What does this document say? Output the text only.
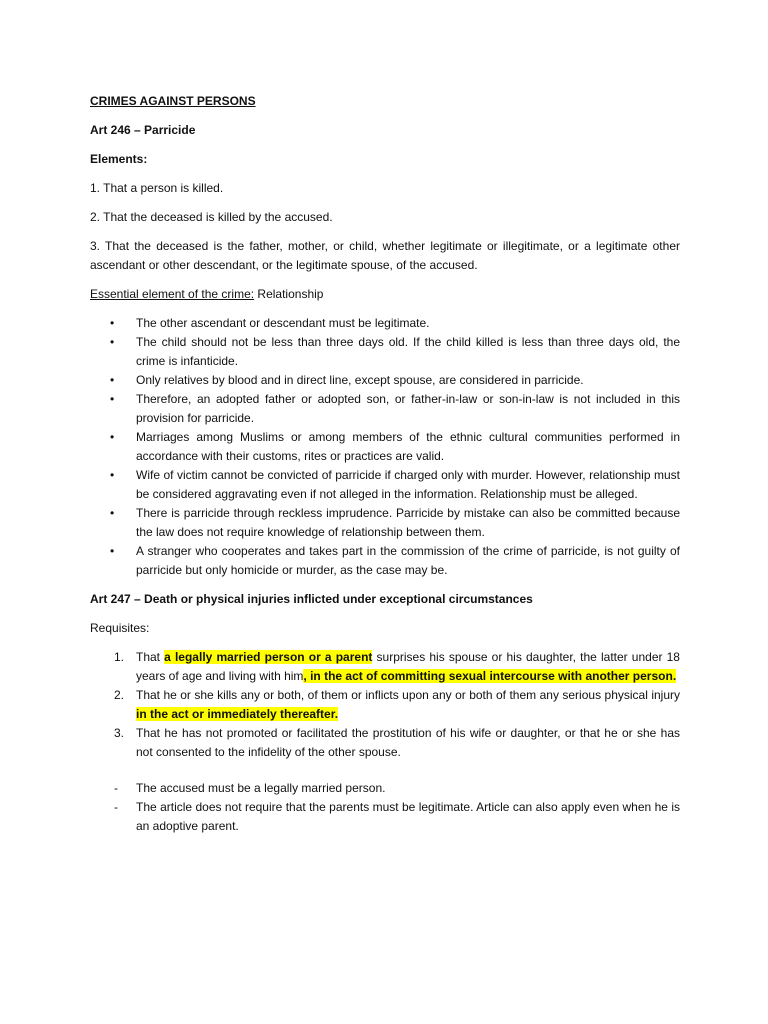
CRIMES AGAINST PERSONS

Art 246 – Parricide

Elements:

1. That a person is killed.

2. That the deceased is killed by the accused.

3. That the deceased is the father, mother, or child, whether legitimate or illegitimate, or a legitimate other ascendant or other descendant, or the legitimate spouse, of the accused.

Essential element of the crime: Relationship

• The other ascendant or descendant must be legitimate.
• The child should not be less than three days old. If the child killed is less than three days old, the crime is infanticide.
• Only relatives by blood and in direct line, except spouse, are considered in parricide.
• Therefore, an adopted father or adopted son, or father-in-law or son-in-law is not included in this provision for parricide.
• Marriages among Muslims or among members of the ethnic cultural communities performed in accordance with their customs, rites or practices are valid.
• Wife of victim cannot be convicted of parricide if charged only with murder. However, relationship must be considered aggravating even if not alleged in the information. Relationship must be alleged.
• There is parricide through reckless imprudence. Parricide by mistake can also be committed because the law does not require knowledge of relationship between them.
• A stranger who cooperates and takes part in the commission of the crime of parricide, is not guilty of parricide but only homicide or murder, as the case may be.

Art 247 – Death or physical injuries inflicted under exceptional circumstances

Requisites:

1. That a legally married person or a parent surprises his spouse or his daughter, the latter under 18 years of age and living with him, in the act of committing sexual intercourse with another person.
2. That he or she kills any or both, of them or inflicts upon any or both of them any serious physical injury in the act or immediately thereafter.
3. That he has not promoted or facilitated the prostitution of his wife or daughter, or that he or she has not consented to the infidelity of the other spouse.
- The accused must be a legally married person.
- The article does not require that the parents must be legitimate. Article can also apply even when he is an adoptive parent.
